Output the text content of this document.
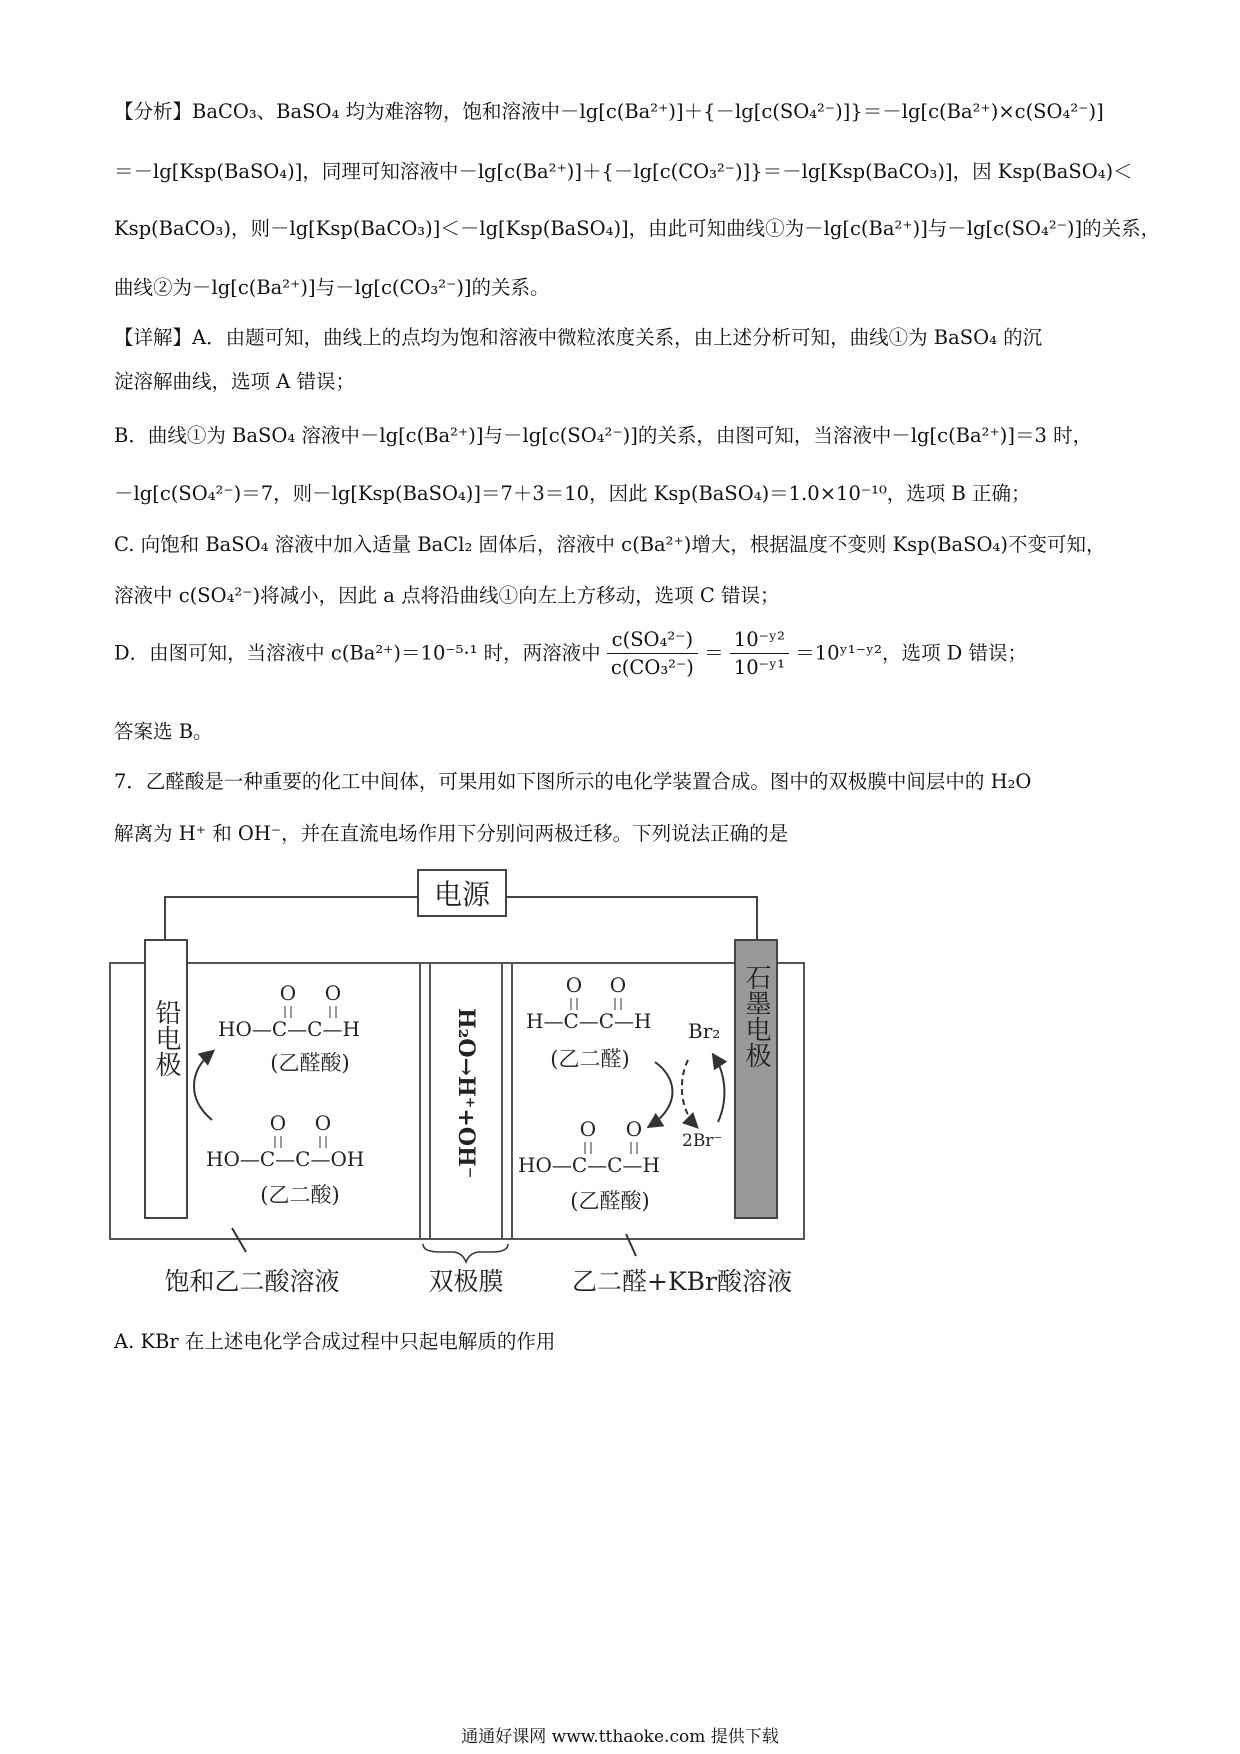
【分析】BaCO₃、BaSO₄ 均为难溶物，饱和溶液中－lg[c(Ba²⁺)]＋{－lg[c(SO₄²⁻)]}＝－lg[c(Ba²⁺)×c(SO₄²⁻)]
＝－lg[Ksp(BaSO₄)]，同理可知溶液中－lg[c(Ba²⁺)]＋{－lg[c(CO₃²⁻)]}＝－lg[Ksp(BaCO₃)]，因 Ksp(BaSO₄)＜
Ksp(BaCO₃)，则－lg[Ksp(BaCO₃)]＜－lg[Ksp(BaSO₄)]，由此可知曲线①为－lg[c(Ba²⁺)]与－lg[c(SO₄²⁻)]的关系，
曲线②为－lg[c(Ba²⁺)]与－lg[c(CO₃²⁻)]的关系。
【详解】A．由题可知，曲线上的点均为饱和溶液中微粒浓度关系，由上述分析可知，曲线①为 BaSO₄ 的沉
淀溶解曲线，选项 A 错误；
B．曲线①为 BaSO₄ 溶液中－lg[c(Ba²⁺)]与－lg[c(SO₄²⁻)]的关系，由图可知，当溶液中－lg[c(Ba²⁺)]＝3 时，
－lg[c(SO₄²⁻)＝7，则－lg[Ksp(BaSO₄)]＝7＋3＝10，因此 Ksp(BaSO₄)＝1.0×10⁻¹⁰，选项 B 正确；
C. 向饱和 BaSO₄ 溶液中加入适量 BaCl₂ 固体后，溶液中 c(Ba²⁺)增大，根据温度不变则 Ksp(BaSO₄)不变可知，
溶液中 c(SO₄²⁻)将减小，因此 a 点将沿曲线①向左上方移动，选项 C 错误；
D．由图可知，当溶液中 c(Ba²⁺)＝10⁻⁵·¹ 时，两溶液中 $\frac{\text{c(SO₄²⁻)}}{\text{c(CO₃²⁻)}} = \frac{\text{10⁻ʸ²}}{\text{10⁻ʸ¹}}$ ＝10ʸ¹⁻ʸ²，选项 D 错误；
答案选 B。
7．乙醛酸是一种重要的化工中间体，可果用如下图所示的电化学装置合成。图中的双极膜中间层中的 H₂O
解离为 H⁺ 和 OH⁻，并在直流电场作用下分别问两极迁移。下列说法正确的是
电源
铅电极	石墨电极
H₂O→H⁺+OH⁻
O O
HO—C—C—H
(乙醛酸)
O O
HO—C—C—OH
(乙二酸)
O O
H—C—C—H
(乙二醛)
O O
HO—C—C—H
(乙醛酸)
Br₂
2Br⁻
饱和乙二酸溶液	双极膜	乙二醛+KBr酸溶液
A. KBr 在上述电化学合成过程中只起电解质的作用
通通好课网 www.tthaoke.com 提供下载
